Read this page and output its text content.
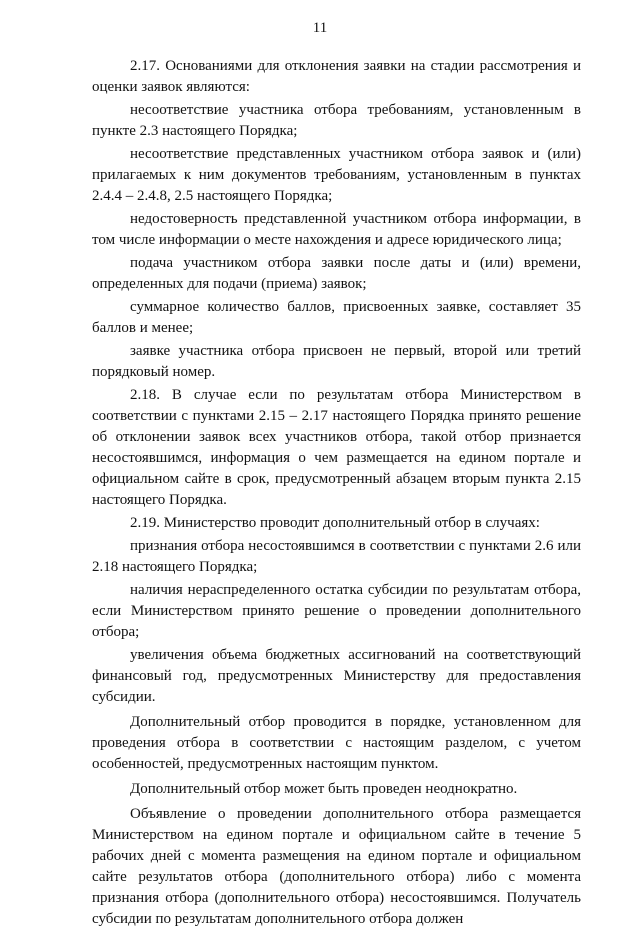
11

2.17. Основаниями для отклонения заявки на стадии рассмотрения и оценки заявок являются:

несоответствие участника отбора требованиям, установленным в пункте 2.3 настоящего Порядка;

несоответствие представленных участником отбора заявок и (или) прилагаемых к ним документов требованиям, установленным в пунктах 2.4.4 – 2.4.8, 2.5 настоящего Порядка;

недостоверность представленной участником отбора информации, в том числе информации о месте нахождения и адресе юридического лица;

подача участником отбора заявки после даты и (или) времени, определенных для подачи (приема) заявок;

суммарное количество баллов, присвоенных заявке, составляет 35 баллов и менее;

заявке участника отбора присвоен не первый, второй или третий порядковый номер.

2.18. В случае если по результатам отбора Министерством в соответствии с пунктами 2.15 – 2.17 настоящего Порядка принято решение об отклонении заявок всех участников отбора, такой отбор признается несостоявшимся, информация о чем размещается на едином портале и официальном сайте в срок, предусмотренный абзацем вторым пункта 2.15 настоящего Порядка.

2.19. Министерство проводит дополнительный отбор в случаях:

признания отбора несостоявшимся в соответствии с пунктами 2.6 или 2.18 настоящего Порядка;

наличия нераспределенного остатка субсидии по результатам отбора, если Министерством принято решение о проведении дополнительного отбора;

увеличения объема бюджетных ассигнований на соответствующий финансовый год, предусмотренных Министерству для предоставления субсидии.

Дополнительный отбор проводится в порядке, установленном для проведения отбора в соответствии с настоящим разделом, с учетом особенностей, предусмотренных настоящим пунктом.

Дополнительный отбор может быть проведен неоднократно.

Объявление о проведении дополнительного отбора размещается Министерством на едином портале и официальном сайте в течение 5 рабочих дней с момента размещения на едином портале и официальном сайте результатов отбора (дополнительного отбора) либо с момента признания отбора (дополнительного отбора) несостоявшимся. Получатель субсидии по результатам дополнительного отбора должен
